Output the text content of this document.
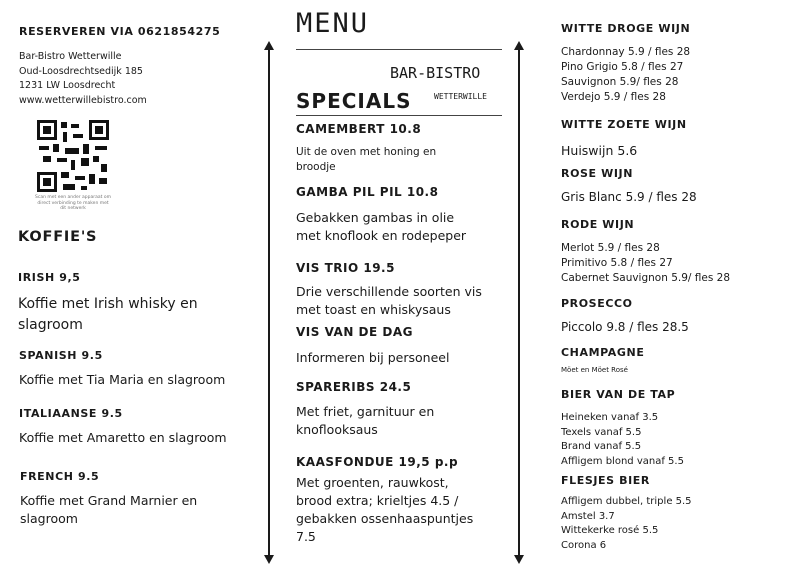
RESERVEREN VIA 0621854275
Bar-Bistro Wetterwille
Oud-Loosdrechtsedijk 185
1231 LW Loosdrecht
www.wetterwillebistro.com
Scan met een ander apparaat om direct verbinding te maken met dit netwerk
KOFFIE'S
IRISH 9,5
Koffie met Irish whisky en slagroom
SPANISH 9.5
Koffie met Tia Maria en slagroom
ITALIAANSE 9.5
Koffie met Amaretto en slagroom
FRENCH 9.5
Koffie met Grand Marnier en slagroom
MENU
BAR-BISTRO
WETTERWILLE
SPECIALS
CAMEMBERT 10.8
Uit de oven met honing en broodje
GAMBA PIL PIL 10.8
Gebakken gambas in olie met knoflook en rodepeper
VIS TRIO 19.5
Drie verschillende soorten vis met toast en whiskysaus
VIS VAN DE DAG
Informeren bij personeel
SPARERIBS 24.5
Met friet, garnituur en knoflooksaus
KAASFONDUE 19,5 p.p
Met groenten, rauwkost, brood extra; krieltjes 4.5 / gebakken ossenhaaspuntjes 7.5
WITTE DROGE WIJN
Chardonnay 5.9 / fles 28
Pino Grigio 5.8 / fles 27
Sauvignon 5.9/ fles 28
Verdejo 5.9 / fles 28
WITTE ZOETE WIJN
Huiswijn 5.6
ROSE WIJN
Gris Blanc 5.9 / fles 28
RODE WIJN
Merlot 5.9 / fles 28
Primitivo 5.8 / fles 27
Cabernet Sauvignon 5.9/ fles 28
PROSECCO
Piccolo 9.8 / fles 28.5
CHAMPAGNE
Möet en Möet Rosé
BIER VAN DE TAP
Heineken vanaf 3.5
Texels vanaf 5.5
Brand vanaf 5.5
Affligem blond vanaf 5.5
FLESJES BIER
Affligem dubbel, triple 5.5
Amstel 3.7
Wittekerke rosé 5.5
Corona 6
